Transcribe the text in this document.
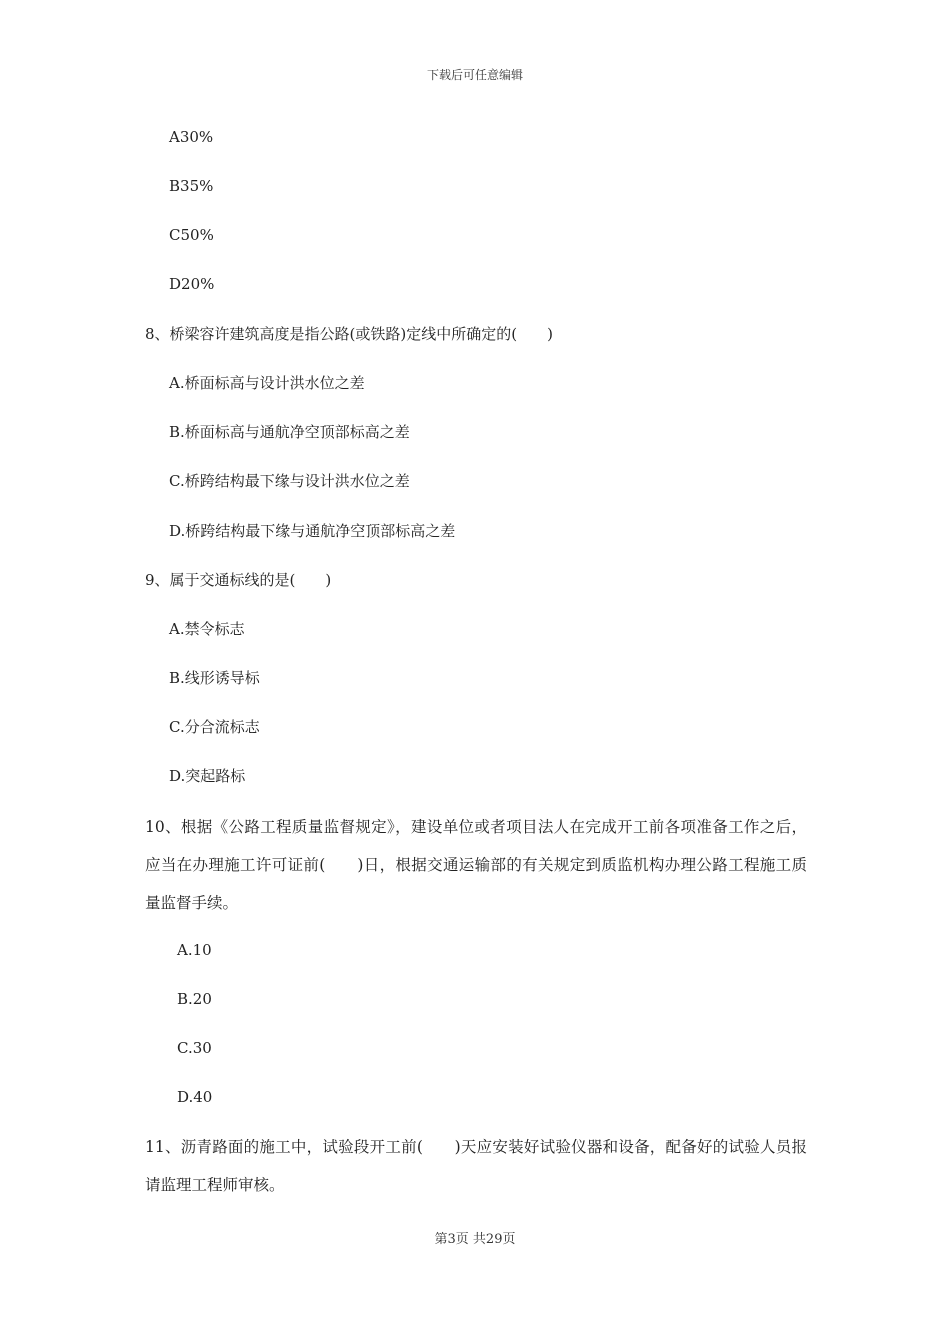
下载后可任意编辑
A30%
B35%
C50%
D20%
8、桥梁容许建筑高度是指公路(或铁路)定线中所确定的(　　)
A.桥面标高与设计洪水位之差
B.桥面标高与通航净空顶部标高之差
C.桥跨结构最下缘与设计洪水位之差
D.桥跨结构最下缘与通航净空顶部标高之差
9、属于交通标线的是(　　)
A.禁令标志
B.线形诱导标
C.分合流标志
D.突起路标
10、根据《公路工程质量监督规定》，建设单位或者项目法人在完成开工前各项准备工作之后，应当在办理施工许可证前(　　)日，根据交通运输部的有关规定到质监机构办理公路工程施工质量监督手续。
A.10
B.20
C.30
D.40
11、沥青路面的施工中，试验段开工前(　　)天应安装好试验仪器和设备，配备好的试验人员报请监理工程师审核。
第3页 共29页
